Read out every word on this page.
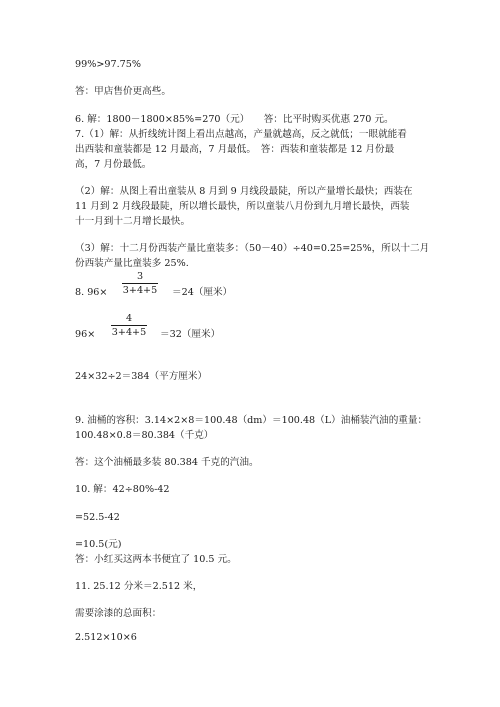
99%>97.75%
答：甲店售价更高些。
6. 解：1800－1800×85%=270（元）　　答：比平时购买优惠 270 元。
7.（1）解：从折线统计图上看出点越高，产量就越高，反之就低；一眼就能看
出西装和童装都是 12 月最高，7 月最低。　答：西装和童装都是 12 月份最
高，7 月份最低。
（2）解：从图上看出童装从 8 月到 9 月线段最陡，所以产量增长最快；西装在
11 月到 2 月线段最陡，所以增长最快，所以童装八月份到九月增长最快，西装
十一月到十二月增长最快。
（3）解：十二月份西装产量比童装多：（50－40）÷40=0.25=25%，所以十二月
份西装产量比童装多 25%.
8. 96×
3
3+4+5 ＝24（厘米）
96×
4
3+4+5 ＝32（厘米）
24×32÷2＝384（平方厘米）
9. 油桶的容积：3.14×2×8＝100.48（dm）＝100.48（L）油桶装汽油的重量：
100.48×0.8＝80.384（千克）
答：这个油桶最多装 80.384 千克的汽油。
10. 解：42÷80%-42
=52.5-42
=10.5(元)
答：小红买这两本书便宜了 10.5 元。
11. 25.12 分米＝2.512 米，
需要涂漆的总面积：
2.512×10×6
